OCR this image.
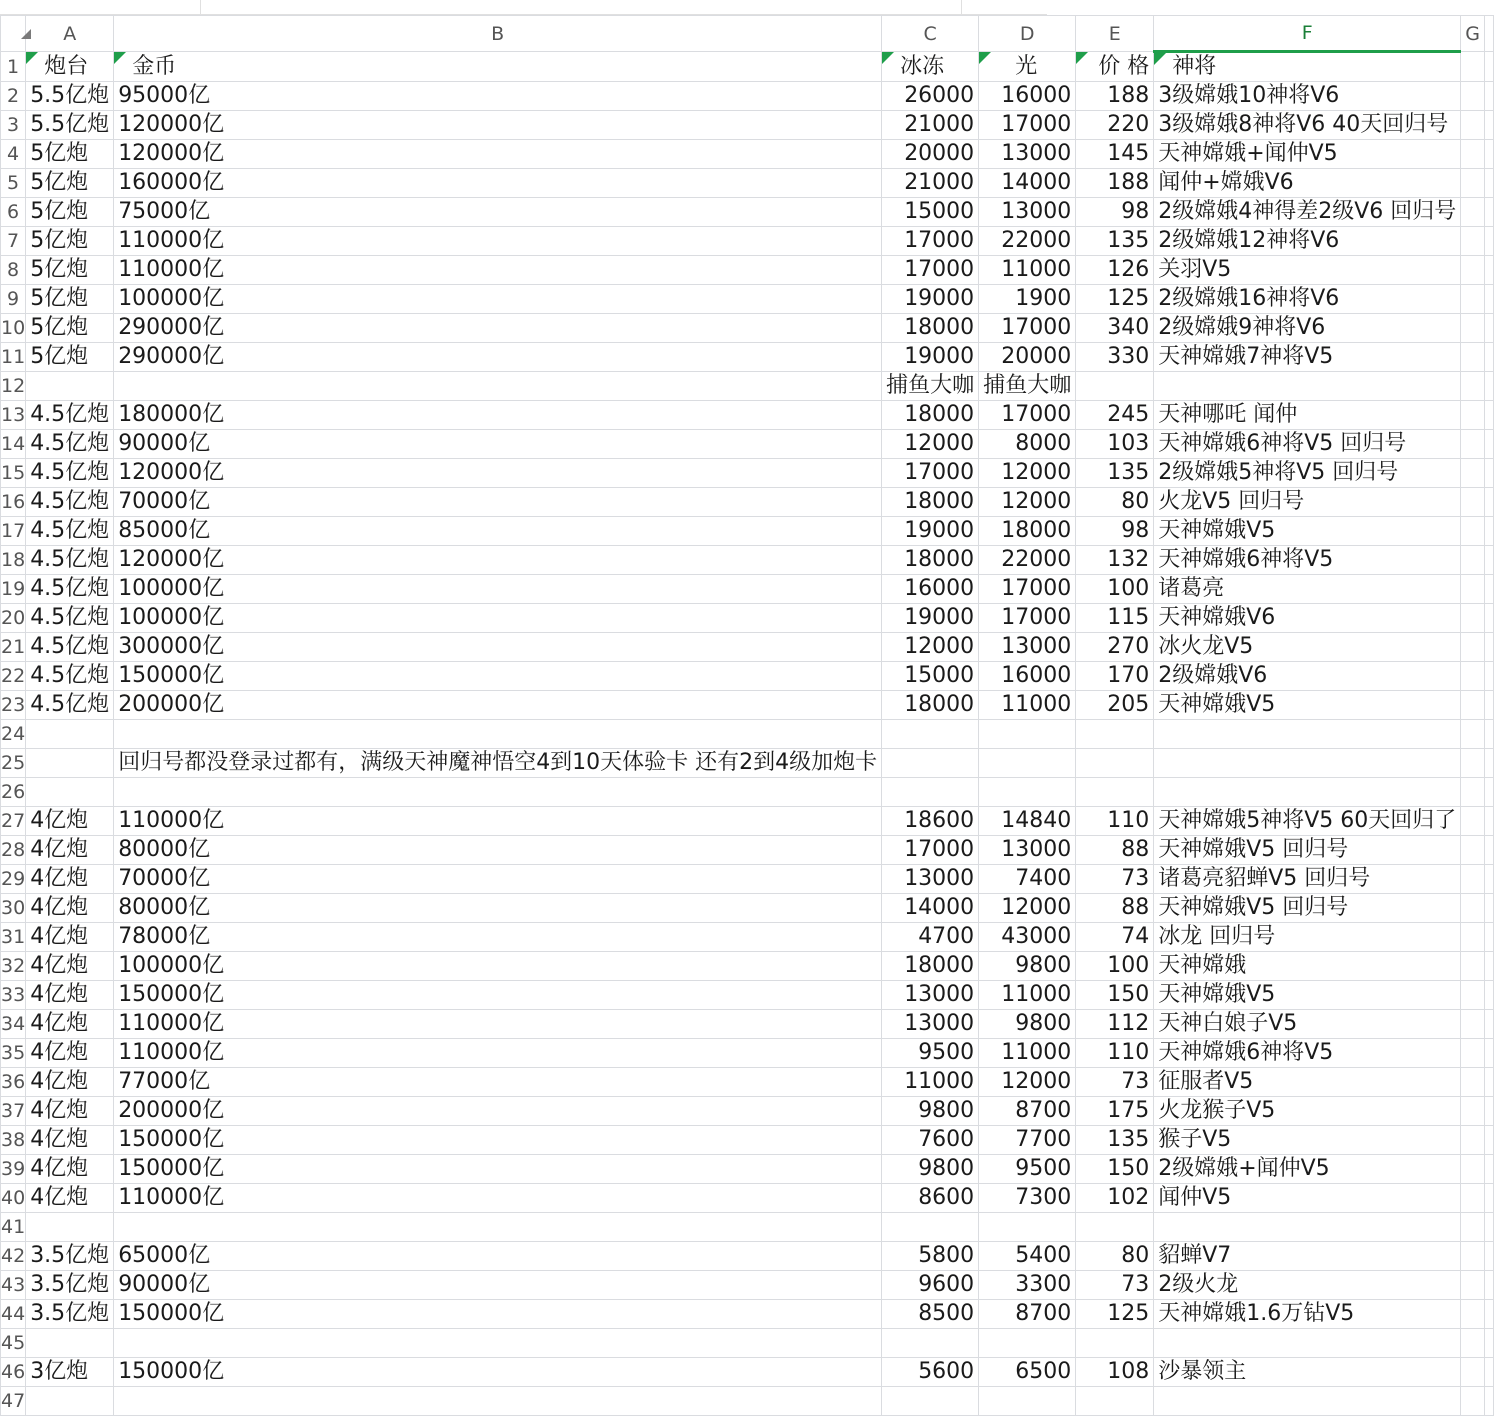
	A	B	C	D	E	F	G	
1	炮台	金币	冰冻	光	价 格	神将		
2	5.5亿炮	95000亿	26000	16000	188	3级嫦娥10神将V6		
3	5.5亿炮	120000亿	21000	17000	220	3级嫦娥8神将V6 40天回归号		
4	5亿炮	120000亿	20000	13000	145	天神嫦娥+闻仲V5		
5	5亿炮	160000亿	21000	14000	188	闻仲+嫦娥V6		
6	5亿炮	75000亿	15000	13000	98	2级嫦娥4神得差2级V6 回归号		
7	5亿炮	110000亿	17000	22000	135	2级嫦娥12神将V6		
8	5亿炮	110000亿	17000	11000	126	关羽V5		
9	5亿炮	100000亿	19000	1900	125	2级嫦娥16神将V6		
10	5亿炮	290000亿	18000	17000	340	2级嫦娥9神将V6		
11	5亿炮	290000亿	19000	20000	330	天神嫦娥7神将V5		
12			捕鱼大咖	捕鱼大咖				
13	4.5亿炮	180000亿	18000	17000	245	天神哪吒 闻仲		
14	4.5亿炮	90000亿	12000	8000	103	天神嫦娥6神将V5 回归号		
15	4.5亿炮	120000亿	17000	12000	135	2级嫦娥5神将V5 回归号		
16	4.5亿炮	70000亿	18000	12000	80	火龙V5 回归号		
17	4.5亿炮	85000亿	19000	18000	98	天神嫦娥V5		
18	4.5亿炮	120000亿	18000	22000	132	天神嫦娥6神将V5		
19	4.5亿炮	100000亿	16000	17000	100	诸葛亮		
20	4.5亿炮	100000亿	19000	17000	115	天神嫦娥V6		
21	4.5亿炮	300000亿	12000	13000	270	冰火龙V5		
22	4.5亿炮	150000亿	15000	16000	170	2级嫦娥V6		
23	4.5亿炮	200000亿	18000	11000	205	天神嫦娥V5		
24								
25		回归号都没登录过都有，满级天神魔神悟空4到10天体验卡 还有2到4级加炮卡						
26								
27	4亿炮	110000亿	18600	14840	110	天神嫦娥5神将V5 60天回归了		
28	4亿炮	80000亿	17000	13000	88	天神嫦娥V5 回归号		
29	4亿炮	70000亿	13000	7400	73	诸葛亮貂蝉V5 回归号		
30	4亿炮	80000亿	14000	12000	88	天神嫦娥V5 回归号		
31	4亿炮	78000亿	4700	43000	74	冰龙 回归号		
32	4亿炮	100000亿	18000	9800	100	天神嫦娥		
33	4亿炮	150000亿	13000	11000	150	天神嫦娥V5		
34	4亿炮	110000亿	13000	9800	112	天神白娘子V5		
35	4亿炮	110000亿	9500	11000	110	天神嫦娥6神将V5		
36	4亿炮	77000亿	11000	12000	73	征服者V5		
37	4亿炮	200000亿	9800	8700	175	火龙猴子V5		
38	4亿炮	150000亿	7600	7700	135	猴子V5		
39	4亿炮	150000亿	9800	9500	150	2级嫦娥+闻仲V5		
40	4亿炮	110000亿	8600	7300	102	闻仲V5		
41								
42	3.5亿炮	65000亿	5800	5400	80	貂蝉V7		
43	3.5亿炮	90000亿	9600	3300	73	2级火龙		
44	3.5亿炮	150000亿	8500	8700	125	天神嫦娥1.6万钻V5		
45								
46	3亿炮	150000亿	5600	6500	108	沙暴领主		
47								
